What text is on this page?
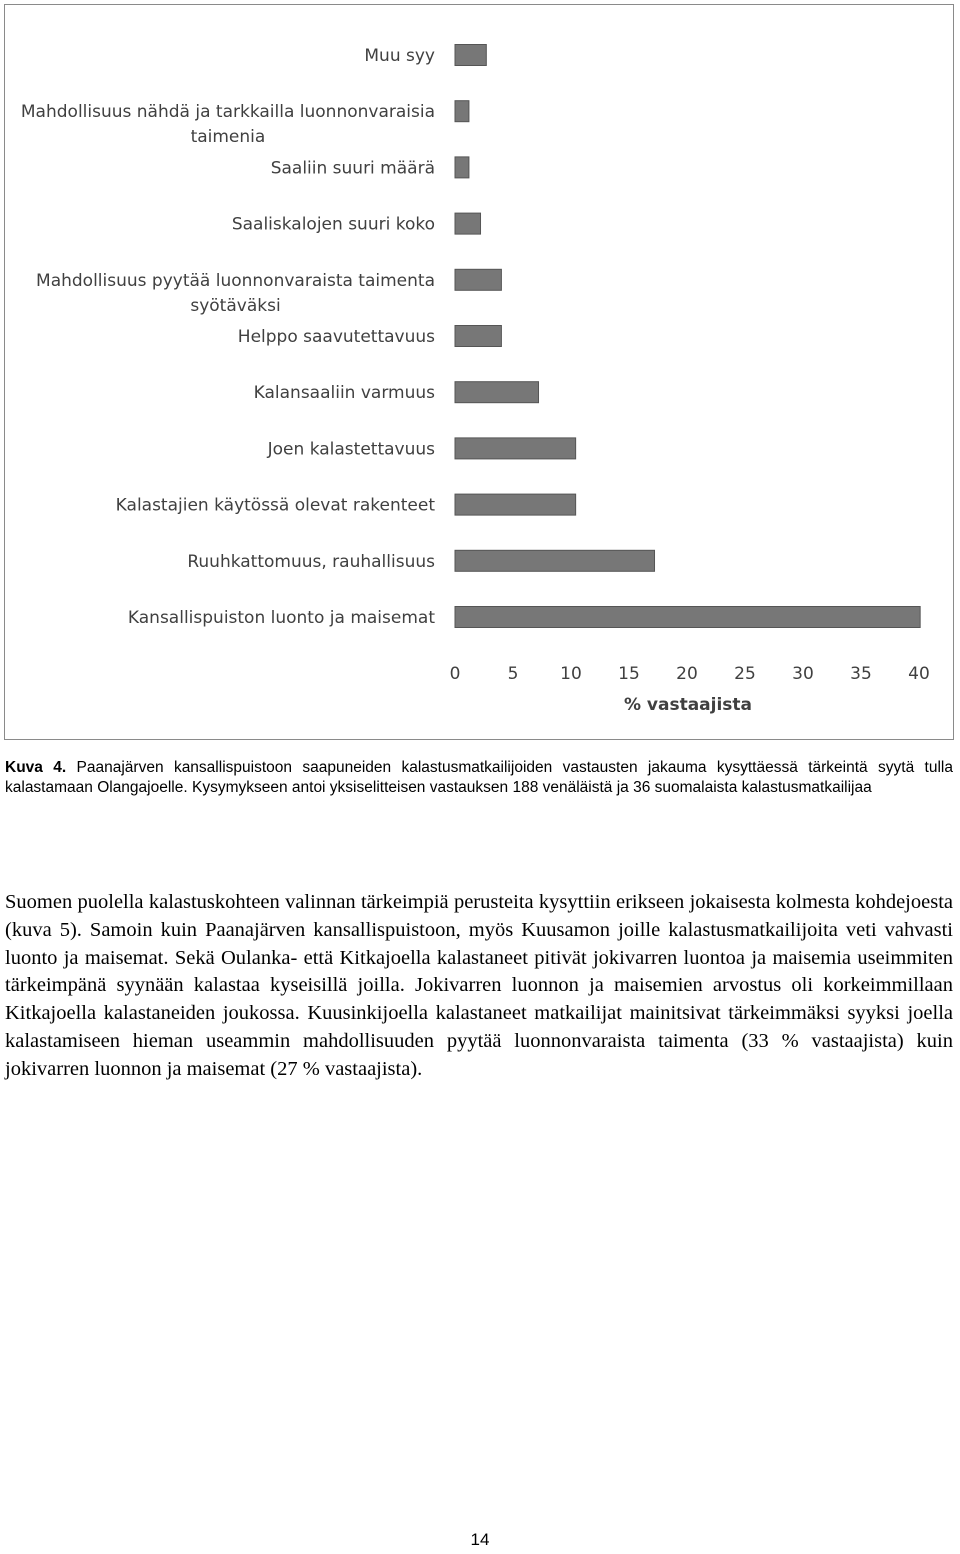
Muu syy
Mahdollisuus nähdä ja tarkkailla luonnonvaraisia
taimenia
Saaliin suuri määrä
Saaliskalojen suuri koko
Mahdollisuus pyytää luonnonvaraista taimenta
syötäväksi
Helppo saavutettavuus
Kalansaaliin varmuus
Joen kalastettavuus
Kalastajien käytössä olevat rakenteet
Ruuhkattomuus, rauhallisuus
Kansallispuiston luonto ja maisemat
0	5 10 15 20 25 30 35 40
% vastaajista
Kuva 4. Paanajärven kansallispuistoon saapuneiden kalastusmatkailijoiden vastausten jakauma kysyttäessä tärkeintä syytä tulla kalastamaan Olangajoelle. Kysymykseen antoi yksiselitteisen vastauksen 188 venäläistä ja 36 suomalaista kalastusmatkailijaa

Suomen puolella kalastuskohteen valinnan tärkeimpiä perusteita kysyttiin erikseen jokaisesta kolmesta kohdejoesta (kuva 5). Samoin kuin Paanajärven kansallispuistoon, myös Kuusamon joille kalastusmatkailijoita veti vahvasti luonto ja maisemat. Sekä Oulanka- että Kitkajoella kalastaneet pitivät jokivarren luontoa ja maisemia useimmiten tärkeimpänä syynään kalastaa kyseisillä joilla. Jokivarren luonnon ja maisemien arvostus oli korkeimmillaan Kitkajoella kalastaneiden joukossa. Kuusinkijoella kalastaneet matkailijat mainitsivat tärkeimmäksi syyksi joella kalastamiseen hieman useammin mahdollisuuden pyytää luonnonvaraista taimenta (33 % vastaajista) kuin jokivarren luonnon ja maisemat (27 % vastaajista).

14
